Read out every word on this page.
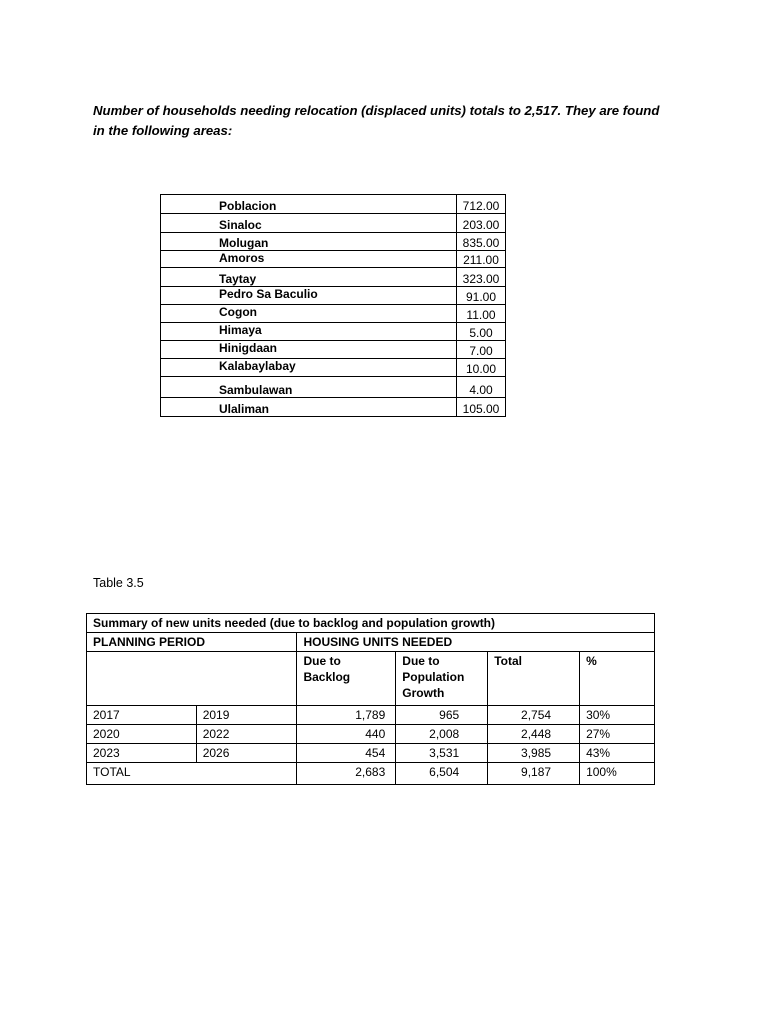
Number of households needing relocation (displaced units) totals to 2,517. They are found
in the following areas:
Poblacion	712.00
Sinaloc	203.00
Molugan	835.00
Amoros	211.00
Taytay	323.00
Pedro Sa Baculio	91.00
Cogon	11.00
Himaya	5.00
Hinigdaan	7.00
Kalabaylabay	10.00
Sambulawan	4.00
Ulaliman	105.00
Table 3.5
Summary of new units needed (due to backlog and population growth)					
PLANNING PERIOD		HOUSING UNITS NEEDED			
		Due to Backlog	Due to Population Growth	Total	%
2017	2019	1,789	965	2,754	30%
2020	2022	440	2,008	2,448	27%
2023	2026	454	3,531	3,985	43%
TOTAL		2,683	6,504	9,187	100%
